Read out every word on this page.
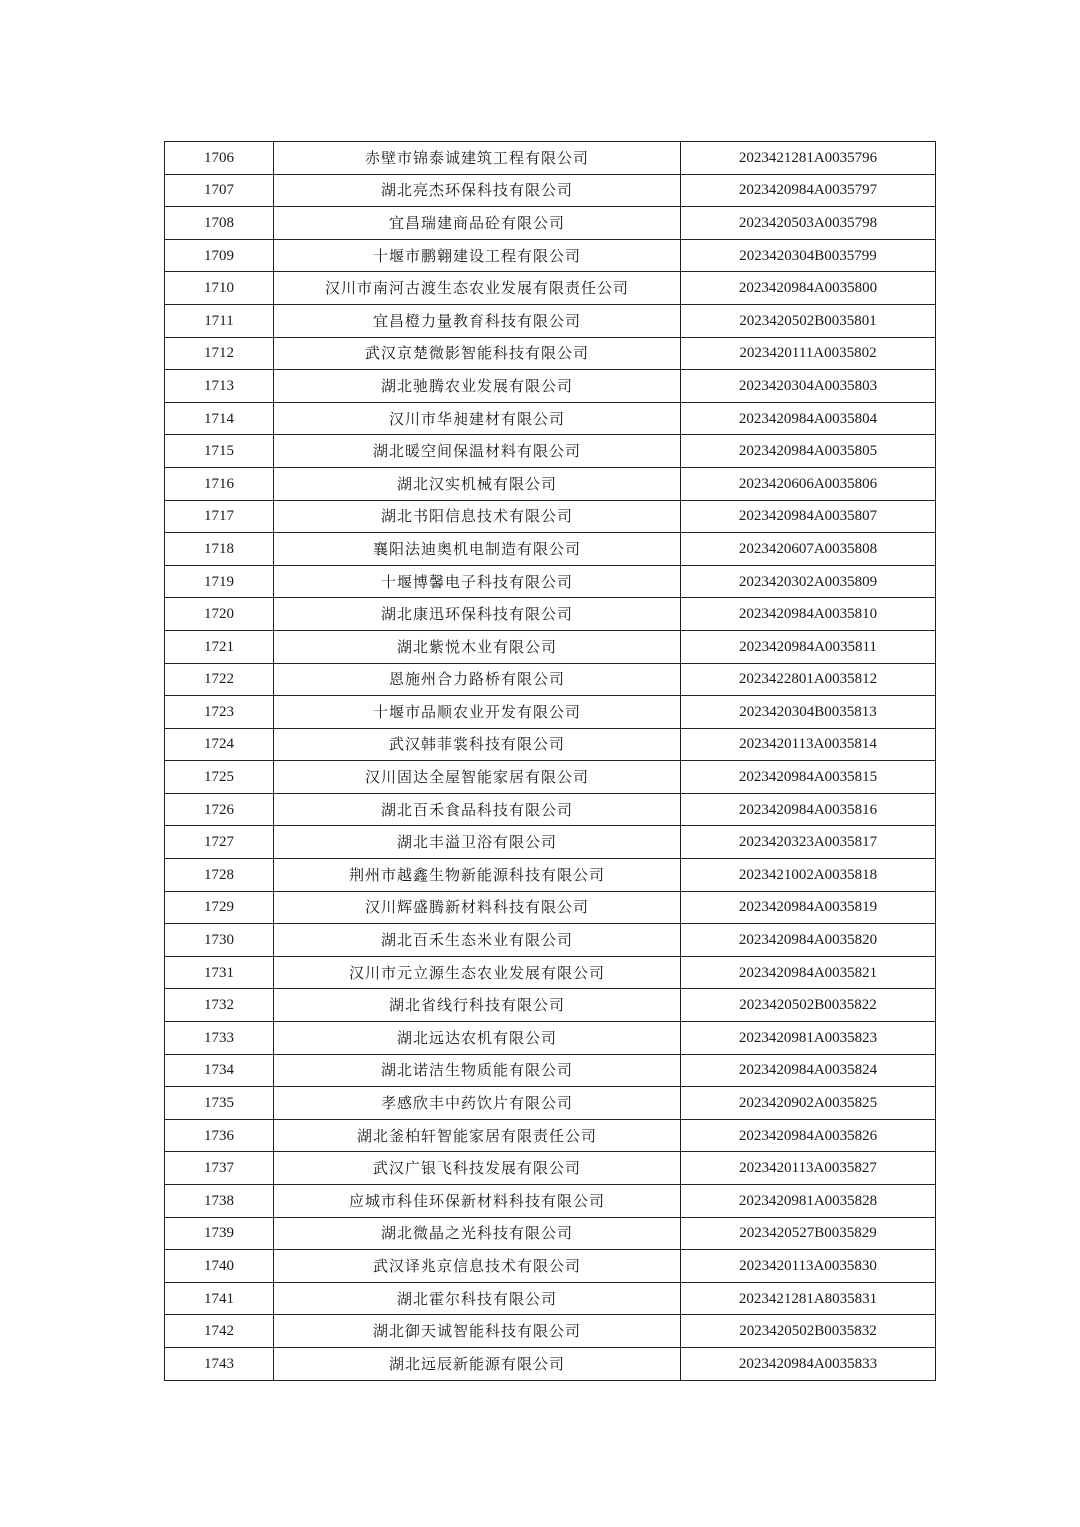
1706	赤壁市锦泰诚建筑工程有限公司	2023421281A0035796
1707	湖北亮杰环保科技有限公司	2023420984A0035797
1708	宜昌瑞建商品砼有限公司	2023420503A0035798
1709	十堰市鹏翱建设工程有限公司	2023420304B0035799
1710	汉川市南河古渡生态农业发展有限责任公司	2023420984A0035800
1711	宜昌橙力量教育科技有限公司	2023420502B0035801
1712	武汉京楚微影智能科技有限公司	2023420111A0035802
1713	湖北驰腾农业发展有限公司	2023420304A0035803
1714	汉川市华昶建材有限公司	2023420984A0035804
1715	湖北暖空间保温材料有限公司	2023420984A0035805
1716	湖北汉实机械有限公司	2023420606A0035806
1717	湖北书阳信息技术有限公司	2023420984A0035807
1718	襄阳法迪奥机电制造有限公司	2023420607A0035808
1719	十堰博馨电子科技有限公司	2023420302A0035809
1720	湖北康迅环保科技有限公司	2023420984A0035810
1721	湖北紫悦木业有限公司	2023420984A0035811
1722	恩施州合力路桥有限公司	2023422801A0035812
1723	十堰市品顺农业开发有限公司	2023420304B0035813
1724	武汉韩菲裳科技有限公司	2023420113A0035814
1725	汉川固达全屋智能家居有限公司	2023420984A0035815
1726	湖北百禾食品科技有限公司	2023420984A0035816
1727	湖北丰溢卫浴有限公司	2023420323A0035817
1728	荆州市越鑫生物新能源科技有限公司	2023421002A0035818
1729	汉川辉盛腾新材料科技有限公司	2023420984A0035819
1730	湖北百禾生态米业有限公司	2023420984A0035820
1731	汉川市元立源生态农业发展有限公司	2023420984A0035821
1732	湖北省线行科技有限公司	2023420502B0035822
1733	湖北远达农机有限公司	2023420981A0035823
1734	湖北诺洁生物质能有限公司	2023420984A0035824
1735	孝感欣丰中药饮片有限公司	2023420902A0035825
1736	湖北釜柏轩智能家居有限责任公司	2023420984A0035826
1737	武汉广银飞科技发展有限公司	2023420113A0035827
1738	应城市科佳环保新材料科技有限公司	2023420981A0035828
1739	湖北微晶之光科技有限公司	2023420527B0035829
1740	武汉译兆京信息技术有限公司	2023420113A0035830
1741	湖北霍尔科技有限公司	2023421281A8035831
1742	湖北御天诚智能科技有限公司	2023420502B0035832
1743	湖北远辰新能源有限公司	2023420984A0035833
